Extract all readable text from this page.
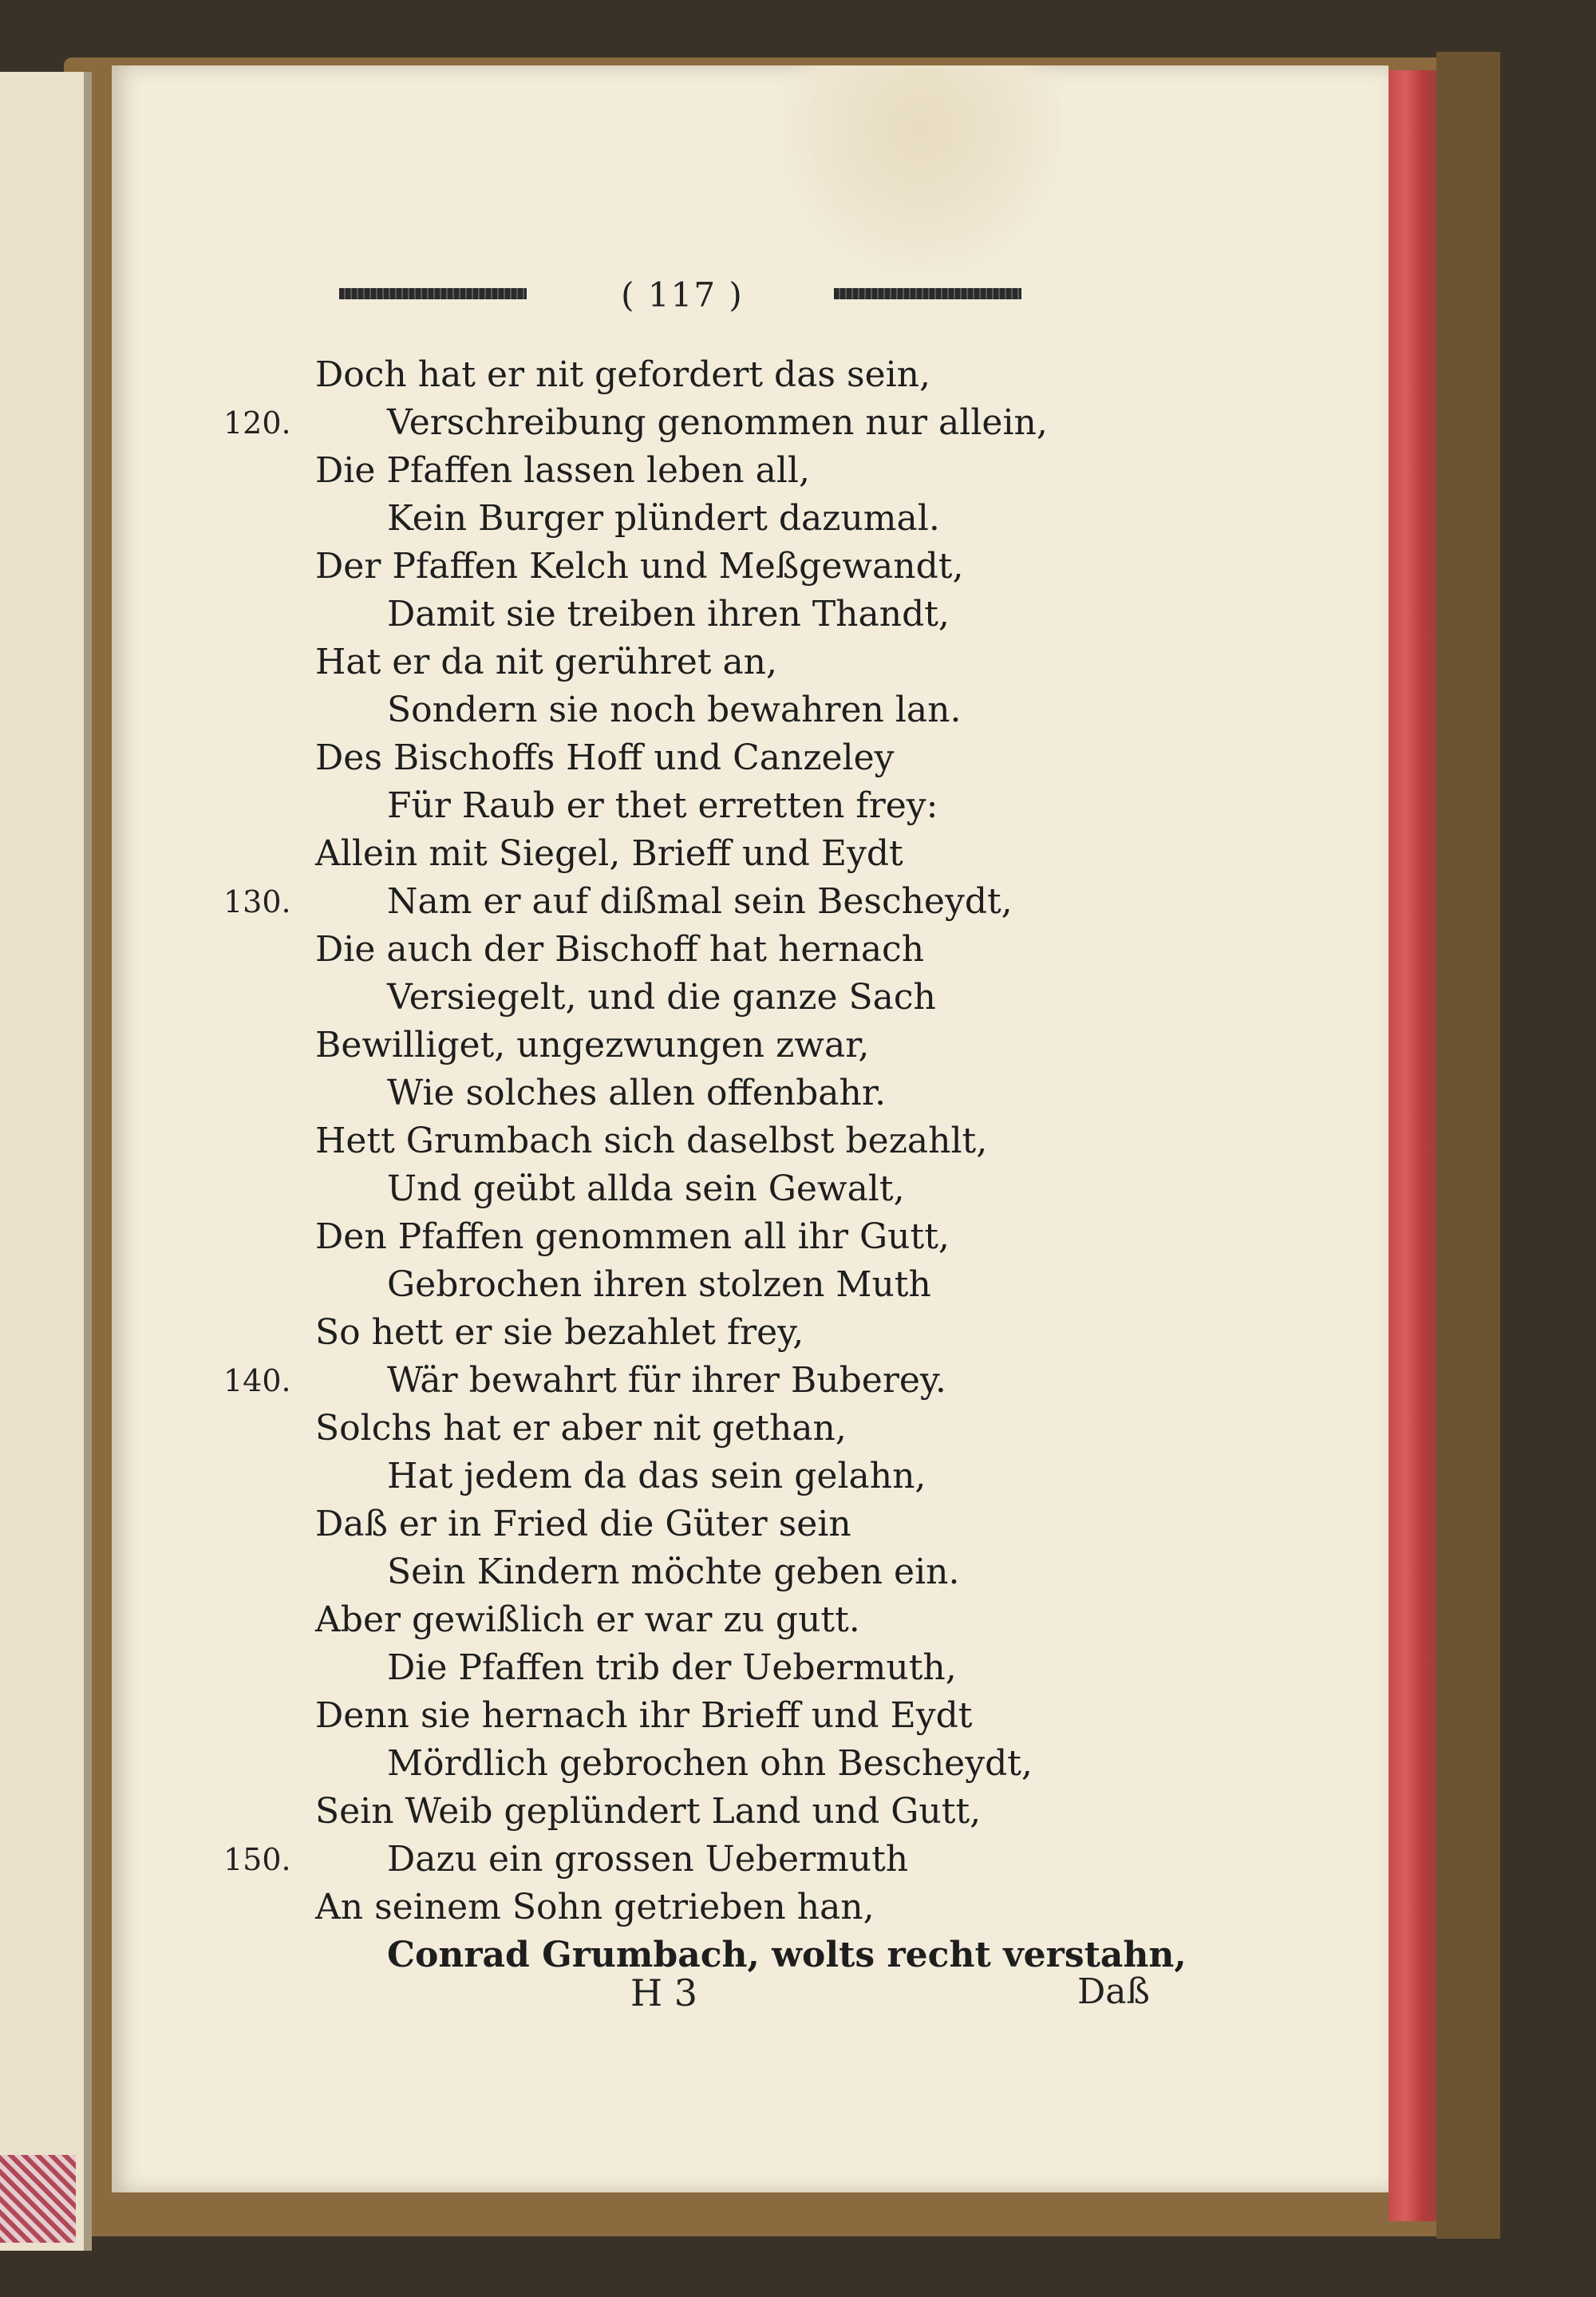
( 117 )
Doch hat er nit gefordert das sein,
Verschreibung genommen nur allein,
Die Pfaffen lassen leben all,
Kein Burger plündert dazumal.
Der Pfaffen Kelch und Meßgewandt,
Damit sie treiben ihren Thandt,
Hat er da nit gerühret an,
Sondern sie noch bewahren lan.
Des Bischoffs Hoff und Canzeley
Für Raub er thet erretten frey:
Allein mit Siegel, Brieff und Eydt
Nam er auf dißmal sein Bescheydt,
Die auch der Bischoff hat hernach
Versiegelt, und die ganze Sach
Bewilliget, ungezwungen zwar,
Wie solches allen offenbahr.
Hett Grumbach sich daselbst bezahlt,
Und geübt allda sein Gewalt,
Den Pfaffen genommen all ihr Gutt,
Gebrochen ihren stolzen Muth
So hett er sie bezahlet frey,
Wär bewahrt für ihrer Buberey.
Solchs hat er aber nit gethan,
Hat jedem da das sein gelahn,
Daß er in Fried die Güter sein
Sein Kindern möchte geben ein.
Aber gewißlich er war zu gutt.
Die Pfaffen trib der Uebermuth,
Denn sie hernach ihr Brieff und Eydt
Mördlich gebrochen ohn Bescheydt,
Sein Weib geplündert Land und Gutt,
Dazu ein grossen Uebermuth
An seinem Sohn getrieben han,
Conrad Grumbach, wolts recht verstahn,
120.
130.
140.
150.
H 3	Daß
